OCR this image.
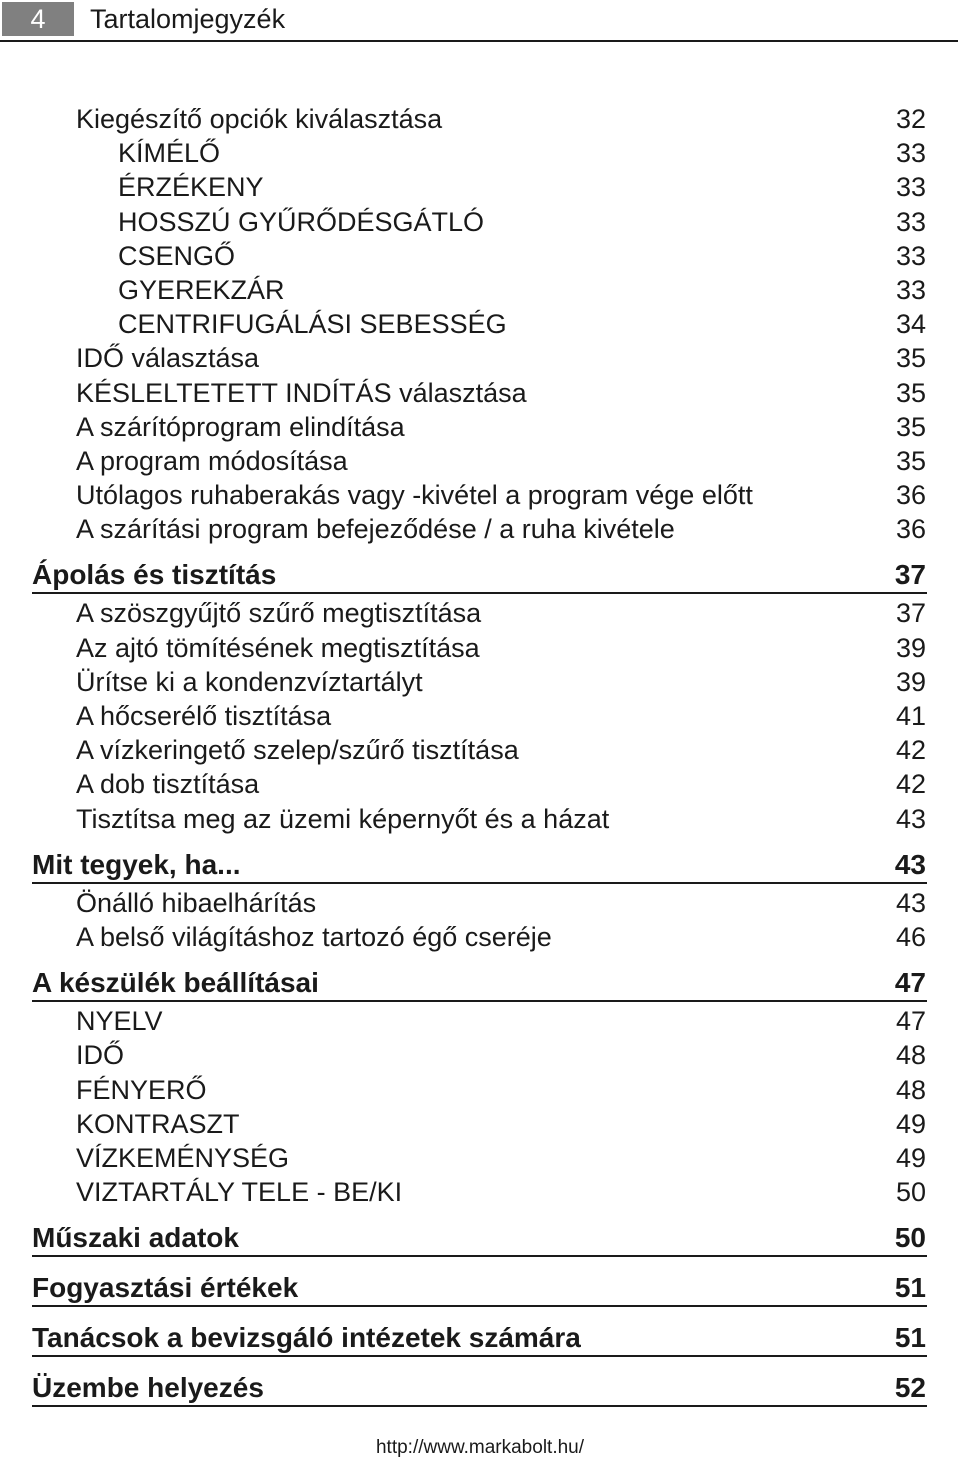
4	Tartalomjegyzék
Kiegészítő opciók kiválasztása	32
KÍMÉLŐ	33
ÉRZÉKENY	33
HOSSZÚ GYŰRŐDÉSGÁTLÓ	33
CSENGŐ	33
GYEREKZÁR	33
CENTRIFUGÁLÁSI SEBESSÉG	34
IDŐ választása	35
KÉSLELTETETT INDÍTÁS választása	35
A szárítóprogram elindítása	35
A program módosítása	35
Utólagos ruhaberakás vagy -kivétel a program vége előtt	36
A szárítási program befejeződése / a ruha kivétele	36
Ápolás és tisztítás	37
A szöszgyűjtő szűrő megtisztítása	37
Az ajtó tömítésének megtisztítása	39
Ürítse ki a kondenzvíztartályt	39
A hőcserélő tisztítása	41
A vízkeringető szelep/szűrő tisztítása	42
A dob tisztítása	42
Tisztítsa meg az üzemi képernyőt és a házat	43
Mit tegyek, ha...	43
Önálló hibaelhárítás	43
A belső világításhoz tartozó égő cseréje	46
A készülék beállításai	47
NYELV	47
IDŐ	48
FÉNYERŐ	48
KONTRASZT	49
VÍZKEMÉNYSÉG	49
VIZTARTÁLY TELE - BE/KI	50
Műszaki adatok	50
Fogyasztási értékek	51
Tanácsok a bevizsgáló intézetek számára	51
Üzembe helyezés	52
http://www.markabolt.hu/
